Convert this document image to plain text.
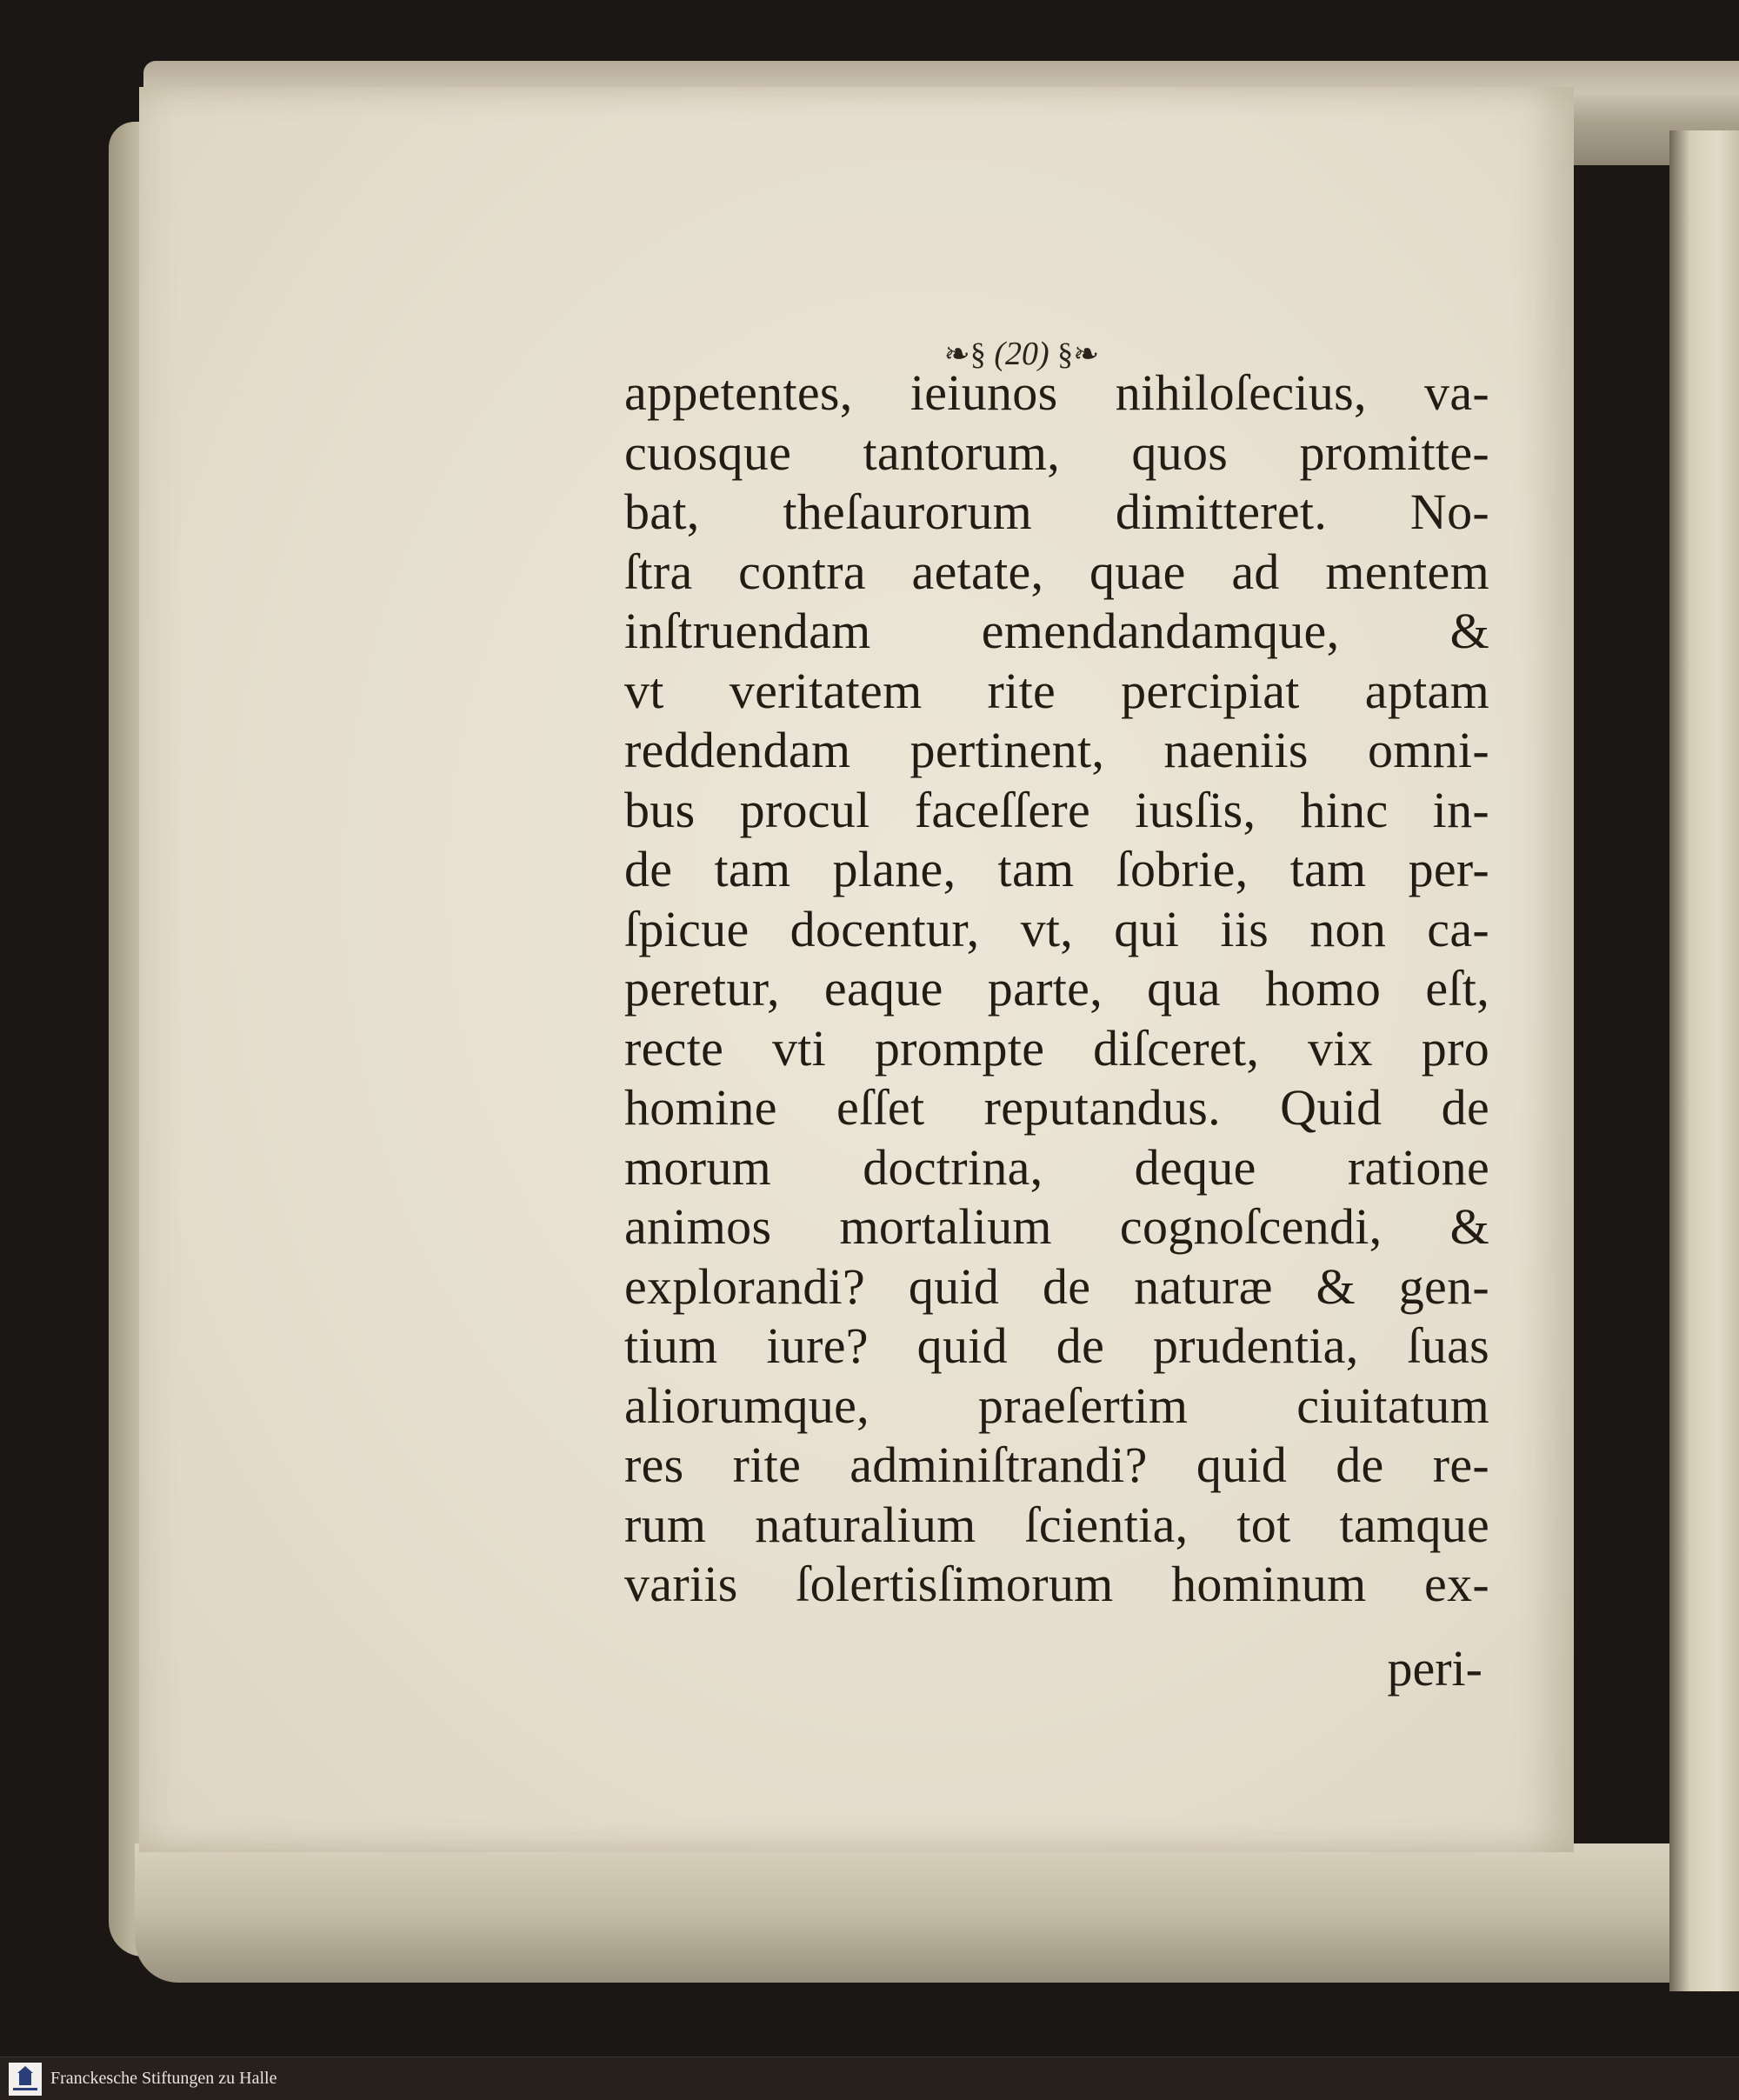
❧§ (20) §❧
appetentes, ieiunos nihiloſecius, va-
cuosque tantorum, quos promitte-
bat, theſaurorum dimitteret. No-
ſtra contra aetate, quae ad mentem
inſtruendam emendandamque, &
vt veritatem rite percipiat aptam
reddendam pertinent, naeniis omni-
bus procul faceſſere iusſis, hinc in-
de tam plane, tam ſobrie, tam per-
ſpicue docentur, vt, qui iis non ca-
peretur, eaque parte, qua homo eſt,
recte vti prompte diſceret, vix pro
homine eſſet reputandus. Quid de
morum doctrina, deque ratione
animos mortalium cognoſcendi, &
explorandi? quid de naturæ & gen-
tium iure? quid de prudentia, ſuas
aliorumque, praeſertim ciuitatum
res rite adminiſtrandi? quid de re-
rum naturalium ſcientia, tot tamque
variis ſolertisſimorum hominum ex-
peri-
Franckesche Stiftungen zu Halle
